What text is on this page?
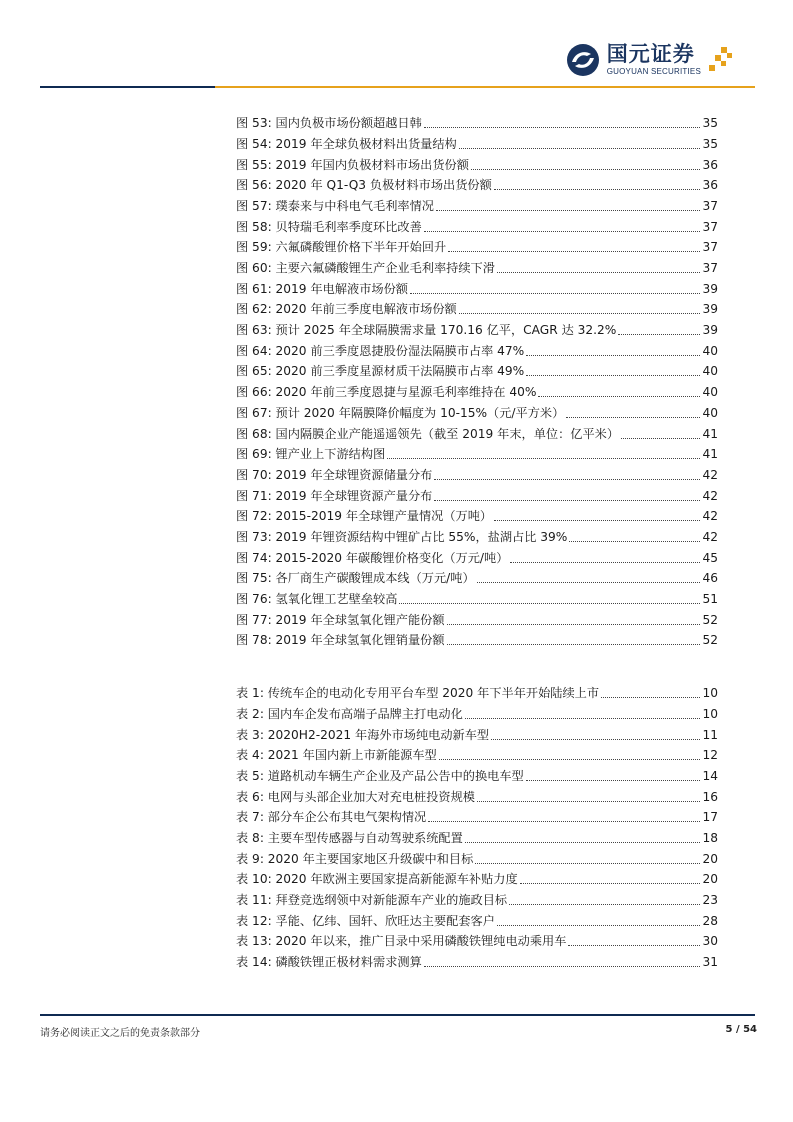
国元证券
GUOYUAN SECURITIES
图 53: 国内负极市场份额超越日韩	35
图 54: 2019 年全球负极材料出货量结构	35
图 55: 2019 年国内负极材料市场出货份额	36
图 56: 2020 年 Q1-Q3 负极材料市场出货份额	36
图 57: 璞泰来与中科电气毛利率情况	37
图 58: 贝特瑞毛利率季度环比改善	37
图 59: 六氟磷酸锂价格下半年开始回升	37
图 60: 主要六氟磷酸锂生产企业毛利率持续下滑	37
图 61: 2019 年电解液市场份额	39
图 62: 2020 年前三季度电解液市场份额	39
图 63: 预计 2025 年全球隔膜需求量 170.16 亿平，CAGR 达 32.2%	39
图 64: 2020 前三季度恩捷股份湿法隔膜市占率 47%	40
图 65: 2020 前三季度星源材质干法隔膜市占率 49%	40
图 66: 2020 年前三季度恩捷与星源毛利率维持在 40%	40
图 67: 预计 2020 年隔膜降价幅度为 10-15%（元/平方米）	40
图 68: 国内隔膜企业产能遥遥领先（截至 2019 年末，单位：亿平米）	41
图 69: 锂产业上下游结构图	41
图 70: 2019 年全球锂资源储量分布	42
图 71: 2019 年全球锂资源产量分布	42
图 72: 2015-2019 年全球锂产量情况（万吨）	42
图 73: 2019 年锂资源结构中锂矿占比 55%，盐湖占比 39%	42
图 74: 2015-2020 年碳酸锂价格变化（万元/吨）	45
图 75: 各厂商生产碳酸锂成本线（万元/吨）	46
图 76: 氢氧化锂工艺壁垒较高	51
图 77: 2019 年全球氢氧化锂产能份额	52
图 78: 2019 年全球氢氧化锂销量份额	52
表 1: 传统车企的电动化专用平台车型 2020 年下半年开始陆续上市	10
表 2: 国内车企发布高端子品牌主打电动化	10
表 3: 2020H2-2021 年海外市场纯电动新车型	11
表 4: 2021 年国内新上市新能源车型	12
表 5: 道路机动车辆生产企业及产品公告中的换电车型	14
表 6: 电网与头部企业加大对充电桩投资规模	16
表 7: 部分车企公布其电气架构情况	17
表 8: 主要车型传感器与自动驾驶系统配置	18
表 9: 2020 年主要国家地区升级碳中和目标	20
表 10: 2020 年欧洲主要国家提高新能源车补贴力度	20
表 11: 拜登竞选纲领中对新能源车产业的施政目标	23
表 12: 孚能、亿纬、国轩、欣旺达主要配套客户	28
表 13: 2020 年以来，推广目录中采用磷酸铁锂纯电动乘用车	30
表 14: 磷酸铁锂正极材料需求测算	31
请务必阅读正文之后的免责条款部分	5 / 54
